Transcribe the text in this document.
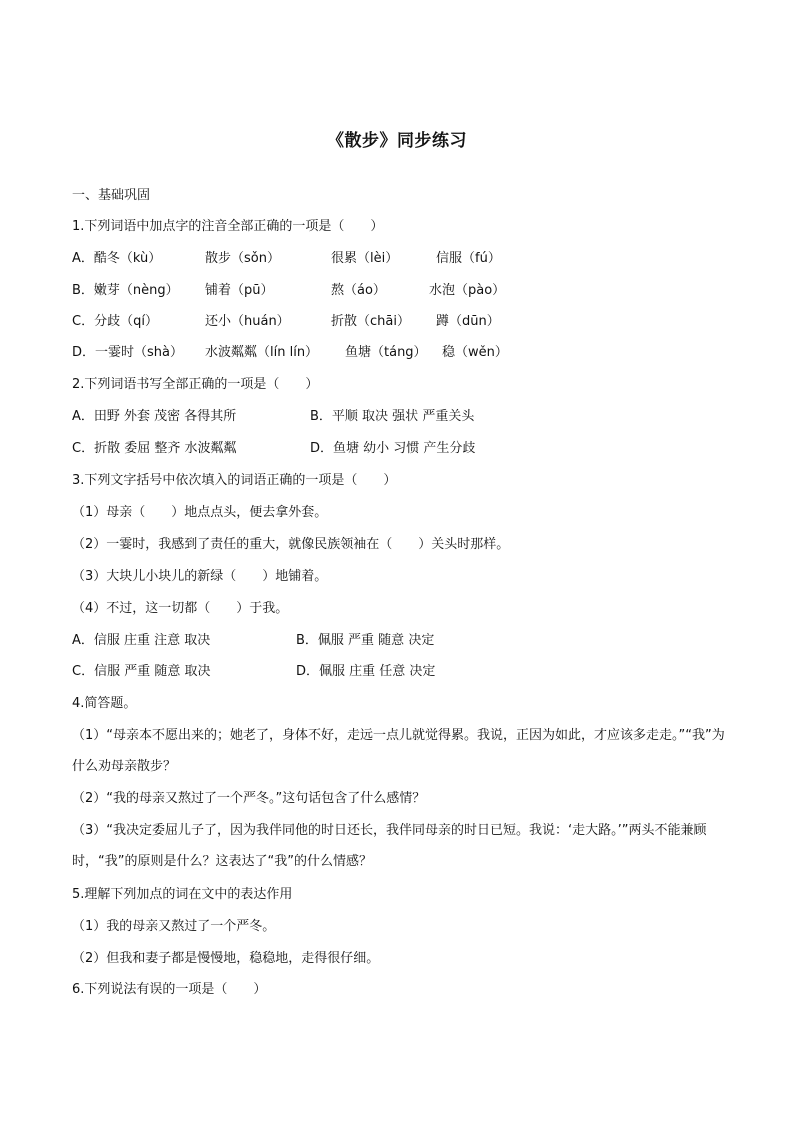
《散步》同步练习
一、基础巩固
1.下列词语中加点字的注音全部正确的一项是（　　）
A．酷冬（kù）	散步（sǒn）	很累（lèi）	信服（fú）
B．嫩芽（nèng） 铺着（pū）	熬（áo）	水泡（pào）
C．分歧（qí）	还小（huán）	折散（chāi） 蹲（dūn）
D．一霎时（shà） 水波粼粼（lín lín） 鱼塘（táng） 稳（wěn）
2.下列词语书写全部正确的一项是（　　）
A．田野 外套 茂密 各得其所	B．平顺 取决 强状 严重关头
C．折散 委屈 整齐 水波粼粼	D．鱼塘 幼小 习惯 产生分歧
3.下列文字括号中依次填入的词语正确的一项是（　　）
（1）母亲（　　）地点点头，便去拿外套。
（2）一霎时，我感到了责任的重大，就像民族领袖在（　　）关头时那样。
（3）大块儿小块儿的新绿（　　）地铺着。
（4）不过，这一切都（　　）于我。
A．信服 庄重 注意 取决	B．佩服 严重 随意 决定
C．信服 严重 随意 取决	D．佩服 庄重 任意 决定
4.简答题。
（1）“母亲本不愿出来的；她老了，身体不好，走远一点儿就觉得累。我说，正因为如此，才应该多走走。”“我”为什么劝母亲散步？
（2）“我的母亲又熬过了一个严冬。”这句话包含了什么感情？
（3）“我决定委屈儿子了，因为我伴同他的时日还长，我伴同母亲的时日已短。我说：‘走大路。’”两头不能兼顾时，“我”的原则是什么？这表达了“我”的什么情感？
5.理解下列加点的词在文中的表达作用
（1）我的母亲又熬过了一个严冬。
（2）但我和妻子都是慢慢地，稳稳地，走得很仔细。
6.下列说法有误的一项是（　　）
